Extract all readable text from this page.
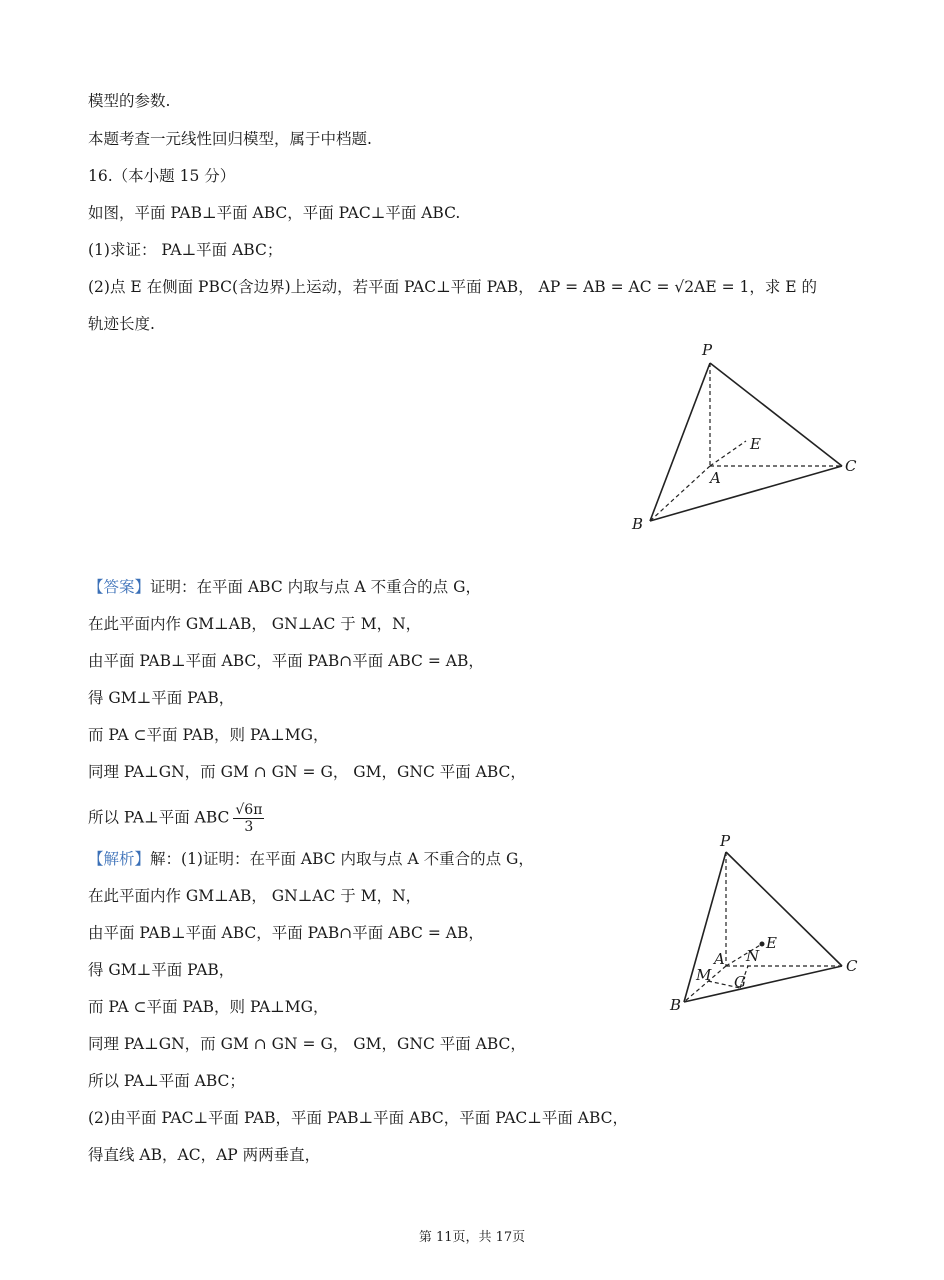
模型的参数.
本题考查一元线性回归模型，属于中档题.
16.（本小题 15 分）
如图，平面 PAB⊥平面 ABC，平面 PAC⊥平面 ABC.
(1)求证： PA⊥平面 ABC；
(2)点 E 在侧面 PBC(含边界)上运动，若平面 PAC⊥平面 PAB， AP = AB = AC = √2AE = 1，求 E 的
轨迹长度.
P
E
A
C
B
【答案】证明：在平面 ABC 内取与点 A 不重合的点 G，
在此平面内作 GM⊥AB， GN⊥AC 于 M，N，
由平面 PAB⊥平面 ABC，平面 PAB∩平面 ABC = AB，
得 GM⊥平面 PAB，
而 PA ⊂平面 PAB，则 PA⊥MG，
同理 PA⊥GN，而 GM ∩ GN = G， GM，GNC 平面 ABC，
所以 PA⊥平面 ABC $\frac{√6\pi}{3}$
【解析】解：(1)证明：在平面 ABC 内取与点 A 不重合的点 G，
在此平面内作 GM⊥AB， GN⊥AC 于 M，N，
由平面 PAB⊥平面 ABC，平面 PAB∩平面 ABC = AB，
得 GM⊥平面 PAB，
而 PA ⊂平面 PAB，则 PA⊥MG，
同理 PA⊥GN，而 GM ∩ GN = G， GM，GNC 平面 ABC，
所以 PA⊥平面 ABC；
(2)由平面 PAC⊥平面 PAB，平面 PAB⊥平面 ABC，平面 PAC⊥平面 ABC，
得直线 AB，AC，AP 两两垂直，
P
E
A N
M G
C
B
第 11页，共 17页
